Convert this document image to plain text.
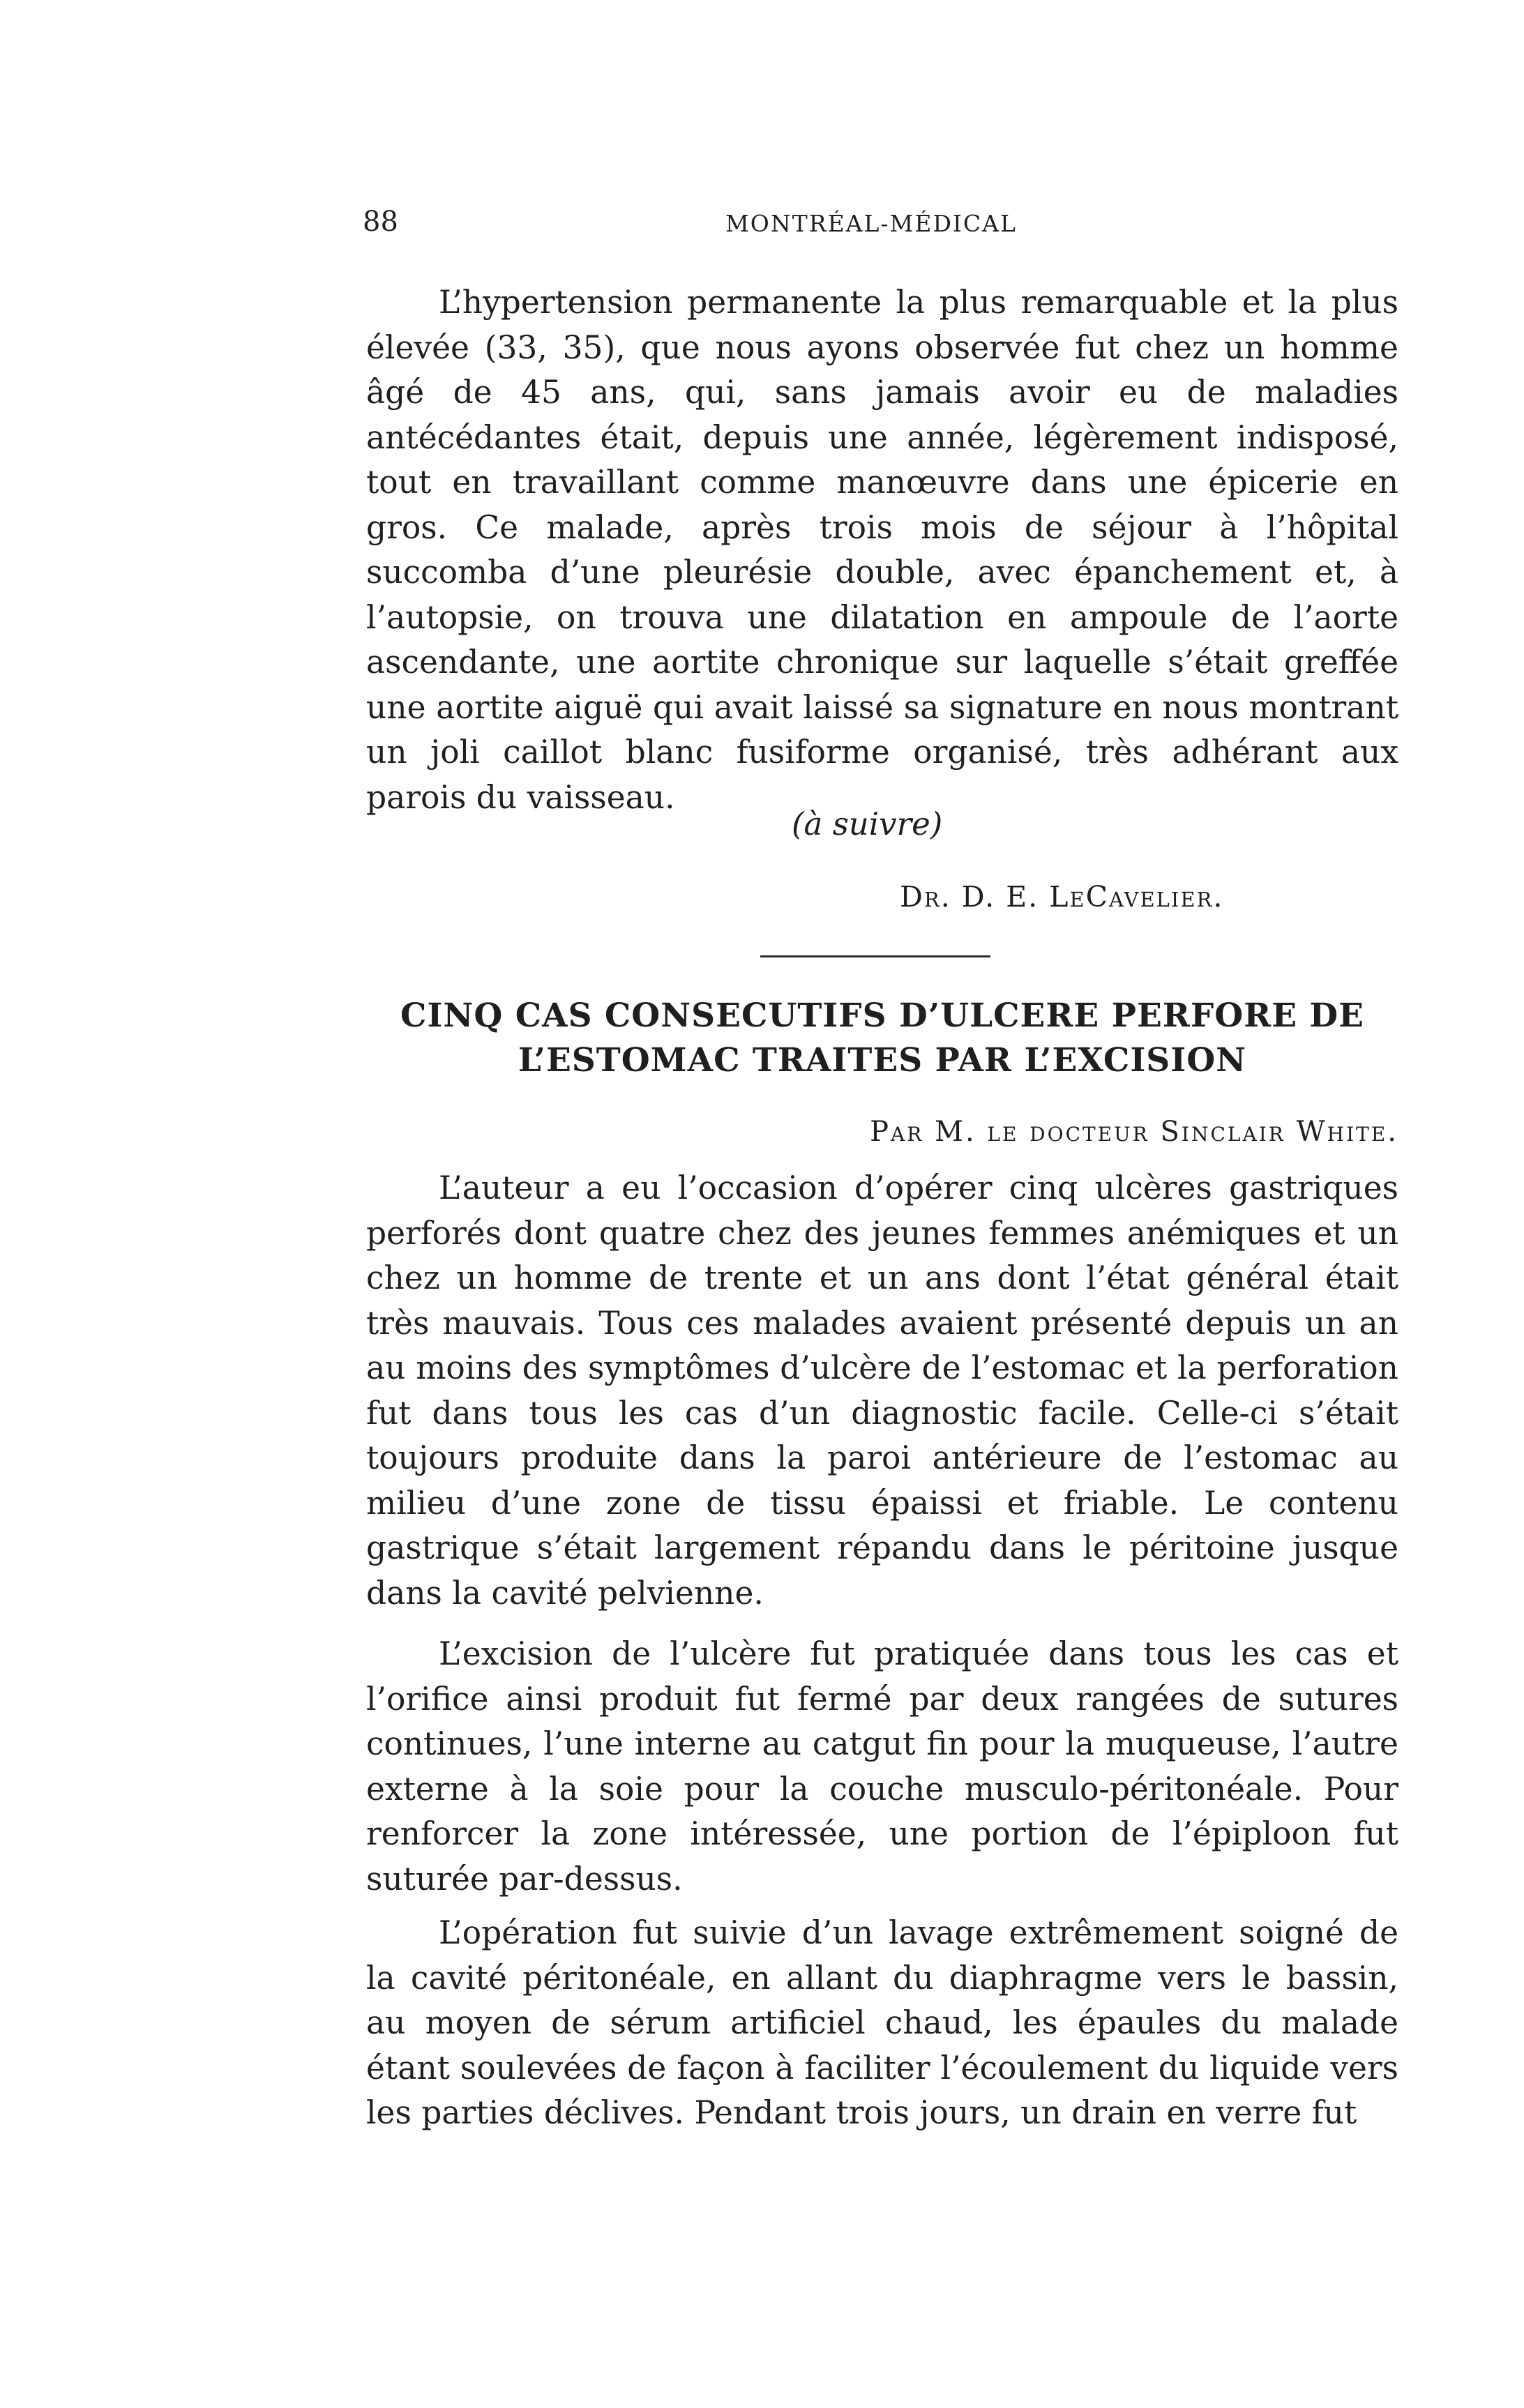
88	MONTRÉAL-MÉDICAL

L’hypertension permanente la plus remarquable et la plus élevée (33, 35), que nous ayons observée fut chez un homme âgé de 45 ans, qui, sans jamais avoir eu de maladies antécédantes était, depuis une année, légèrement indisposé, tout en travaillant comme manœuvre dans une épicerie en gros. Ce malade, après trois mois de séjour à l’hôpital succomba d’une pleurésie double, avec épanchement et, à l’autopsie, on trouva une dilatation en ampoule de l’aorte ascendante, une aortite chronique sur laquelle s’était greffée une aortite aiguë qui avait laissé sa signature en nous montrant un joli caillot blanc fusiforme organisé, très adhérant aux parois du vaisseau.

(à suivre)
Dr. D. E. LeCavelier.
CINQ CAS CONSECUTIFS D’ULCERE PERFORE DE
L’ESTOMAC TRAITES PAR L’EXCISION
Par M. le docteur Sinclair White.

L’auteur a eu l’occasion d’opérer cinq ulcères gastriques perforés dont quatre chez des jeunes femmes anémiques et un chez un homme de trente et un ans dont l’état général était très mauvais. Tous ces malades avaient présenté depuis un an au moins des symptômes d’ulcère de l’estomac et la perforation fut dans tous les cas d’un diagnostic facile. Celle-ci s’était toujours produite dans la paroi antérieure de l’estomac au milieu d’une zone de tissu épaissi et friable. Le contenu gastrique s’était largement répandu dans le péritoine jusque dans la cavité pelvienne.

L’excision de l’ulcère fut pratiquée dans tous les cas et l’orifice ainsi produit fut fermé par deux rangées de sutures continues, l’une interne au catgut fin pour la muqueuse, l’autre externe à la soie pour la couche musculo-péritonéale. Pour renforcer la zone intéressée, une portion de l’épiploon fut suturée par-dessus.

L’opération fut suivie d’un lavage extrêmement soigné de la cavité péritonéale, en allant du diaphragme vers le bassin, au moyen de sérum artificiel chaud, les épaules du malade étant soulevées de façon à faciliter l’écoulement du liquide vers les parties déclives. Pendant trois jours, un drain en verre fut
